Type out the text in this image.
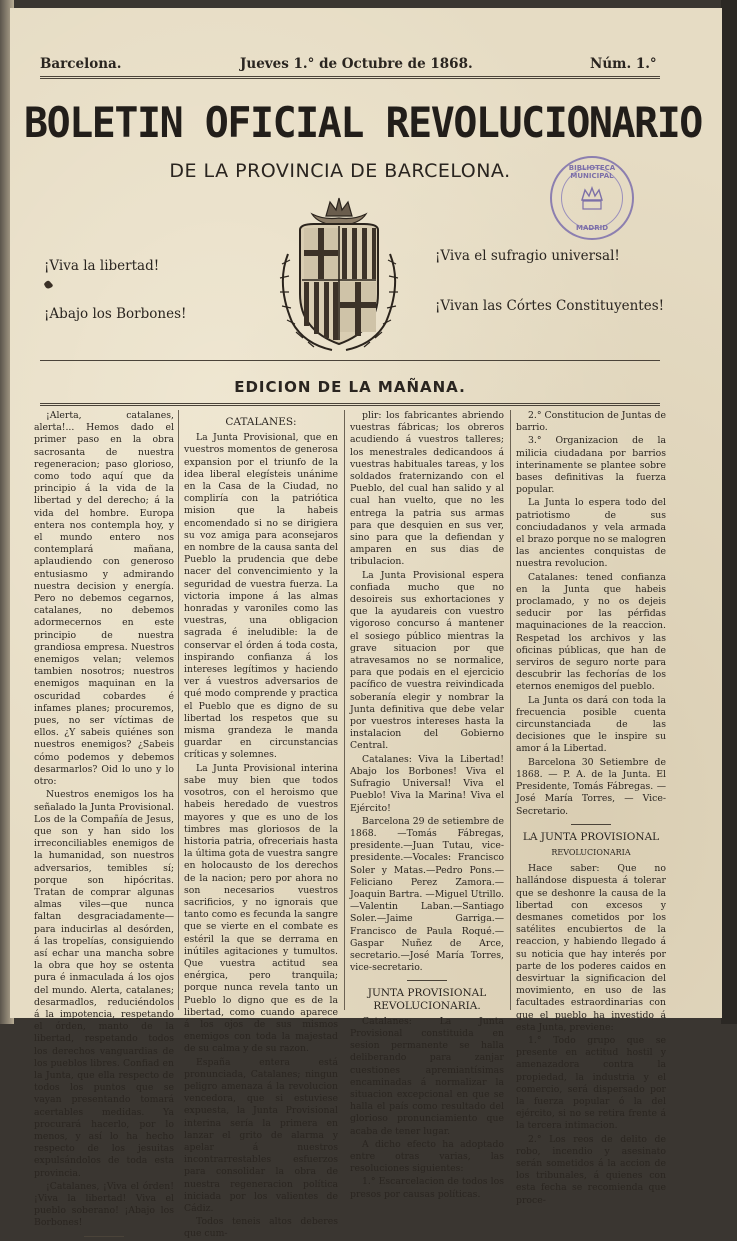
Barcelona.	Jueves 1.° de Octubre de 1868.	Núm. 1.°
BOLETIN OFICIAL REVOLUCIONARIO
DE LA PROVINCIA DE BARCELONA.	BIBLIOTECA MUNICIPAL
MADRID
¡Viva la libertad!
¡Abajo los Borbones!
¡Viva el sufragio universal!
¡Vivan las Córtes Constituyentes!
EDICION DE LA MAÑANA.

¡Alerta, catalanes, alerta!... Hemos dado el primer paso en la obra sacrosanta de nuestra regeneracion; paso glorioso, como todo aquí que da principio á la vida de la libertad y del derecho; á la vida del hombre. Europa entera nos contempla hoy, y el mundo entero nos contemplará mañana, aplaudiendo con generoso entusiasmo y admirando nuestra decision y energía. Pero no debemos cegarnos, catalanes, no debemos adormecernos en este principio de nuestra grandiosa empresa. Nuestros enemigos velan; velemos tambien nosotros; nuestros enemigos maquinan en la oscuridad cobardes é infames planes; procuremos, pues, no ser víctimas de ellos. ¿Y sabeis quiénes son nuestros enemigos? ¿Sabeis cómo podemos y debemos desarmarlos? Oid lo uno y lo otro:

Nuestros enemigos los ha señalado la Junta Provisional. Los de la Compañía de Jesus, que son y han sido los irreconciliables enemigos de la humanidad, son nuestros adversarios, temibles sí; porque son hipócritas. Tratan de comprar algunas almas viles—que nunca faltan desgraciadamente—para inducirlas al desórden, á las tropelías, consiguiendo así echar una mancha sobre la obra que hoy se ostenta pura é inmaculada á los ojos del mundo. Alerta, catalanes; desarmadlos, reduciéndolos á la impotencia, respetando el órden, manto de la libertad, respetando todos los derechos vanguardias de los pueblos libres. Confiad en la Junta, que ella respecto de todos los puntos que se vayan presentando tomará acertables medidas. Ya procurará hacerlo, por lo menos, y así lo ha hecho respecto de los jesuitas expulsándolos de toda esta provincia.

¡Catalanes, ¡Viva el órden! ¡Viva la libertad! Viva el pueblo soberano! ¡Abajo los Borbones!

CATALANES:

La Junta Provisional, que en vuestros momentos de generosa expansion por el triunfo de la idea liberal elegísteis unánime en la Casa de la Ciudad, no compliría con la patriótica mision que la habeis encomendado si no se dirigiera su voz amiga para aconsejaros en nombre de la causa santa del Pueblo la prudencia que debe nacer del convencimiento y la seguridad de vuestra fuerza. La victoria impone á las almas honradas y varoniles como las vuestras, una obligacion sagrada é ineludible: la de conservar el órden á toda costa, inspirando confianza á los intereses legítimos y haciendo ver á vuestros adversarios de qué modo comprende y practica el Pueblo que es digno de su libertad los respetos que su misma grandeza le manda guardar en circunstancias críticas y solemnes.

La Junta Provisional interina sabe muy bien que todos vosotros, con el heroismo que habeis heredado de vuestros mayores y que es uno de los timbres mas gloriosos de la historia patria, ofreceriais hasta la última gota de vuestra sangre en holocausto de los derechos de la nacion; pero por ahora no son necesarios vuestros sacrificios, y no ignorais que tanto como es fecunda la sangre que se vierte en el combate es estéril la que se derrama en inútiles agitaciones y tumultos. Que vuestra actitud sea enérgica, pero tranquila; porque nunca revela tanto un Pueblo lo digno que es de la libertad, como cuando aparece á los ojos de sus mismos enemigos con toda la majestad de su calma y de su razon.

España entera está pronunciada, Catalanes; ningun peligro amenaza á la revolucion vencedora, que si estuviese expuesta, la Junta Provisional interina sería la primera en lanzar el grito de alarma y apelar á nuestros incontrarrestables esfuerzos para consolidar la obra de nuestra regeneracion política iniciada por los valientes de Cádiz.

Todos teneis altos deberes que cum-

plir: los fabricantes abriendo vuestras fábricas; los obreros acudiendo á vuestros talleres; los menestrales dedicandoos á vuestras habituales tareas, y los soldados fraternizando con el Pueblo, del cual han salido y al cual han vuelto, que no les entrega la patria sus armas para que desquien en sus ver, sino para que la defiendan y amparen en sus dias de tribulacion.

La Junta Provisional espera confiada mucho que no desoireis sus exhortaciones y que la ayudareis con vuestro vigoroso concurso á mantener el sosiego público mientras la grave situacion por que atravesamos no se normalice, para que podais en el ejercicio pacífico de vuestra reivindicada soberanía elegir y nombrar la Junta definitiva que debe velar por vuestros intereses hasta la instalacion del Gobierno Central.

Catalanes: Viva la Libertad! Abajo los Borbones! Viva el Sufragio Universal! Viva el Pueblo! Viva la Marina! Viva el Ejército!

Barcelona 29 de setiembre de 1868. —Tomás Fábregas, presidente.—Juan Tutau, vice-presidente.—Vocales: Francisco Soler y Matas.—Pedro Pons.—Feliciano Perez Zamora.—Joaquin Bartra. —Miguel Utrillo.—Valentin Laban.—Santiago Soler.—Jaime Garriga.—Francisco de Paula Roqué.—Gaspar Nuñez de Arce, secretario.—José María Torres, vice-secretario.

JUNTA PROVISIONAL REVOLUCIONARIA.

Catalanes: La Junta Provisional constituida en sesion permanente se halla deliberando para zanjar cuestiones apremiantísimas encaminadas á normalizar la situacion excepcional en que se halla el país como resultado del glorioso pronunciamiento que acaba de tener lugar.

A dicho efecto ha adoptado entre otras varias, las resoluciones siguientes:

1.° Escarcelacion de todos los presos por causas políticas.

2.° Constitucion de Juntas de barrio.

3.° Organizacion de la milicia ciudadana por barrios interinamente se plantee sobre bases definitivas la fuerza popular.

La Junta lo espera todo del patriotismo de sus conciudadanos y vela armada el brazo porque no se malogren las ancientes conquistas de nuestra revolucion.

Catalanes: tened confianza en la Junta que habeis proclamado, y no os dejeis seducir por las pérfidas maquinaciones de la reaccion. Respetad los archivos y las oficinas públicas, que han de serviros de seguro norte para descubrir las fechorías de los eternos enemigos del pueblo.

La Junta os dará con toda la frecuencia posible cuenta circunstanciada de las decisiones que le inspire su amor á la Libertad.

Barcelona 30 Setiembre de 1868. — P. A. de la Junta. El Presidente, Tomás Fábregas. — José María Torres, — Vice-Secretario.

LA JUNTA PROVISIONAL
REVOLUCIONARIA

Hace saber: Que no hallándose dispuesta á tolerar que se deshonre la causa de la libertad con excesos y desmanes cometidos por los satélites encubiertos de la reaccion, y habiendo llegado á su noticia que hay interés por parte de los poderes caidos en desvirtuar la significacion del movimiento, en uso de las facultades estraordinarias con que el pueblo ha investido á esta Junta, previene:

1.° Todo grupo que se presente en actitud hostil y amenazadora contra la propiedad, la industria y el comercio, será dispersado por la fuerza popular ó la del ejército, si no se retira frente á la tercera intimacion.

2.° Los reos de delito de robo, incendio y asesinato serán sometidos á la accion de los tribunales, á quienes con esta fecha se recomienda que proce-
